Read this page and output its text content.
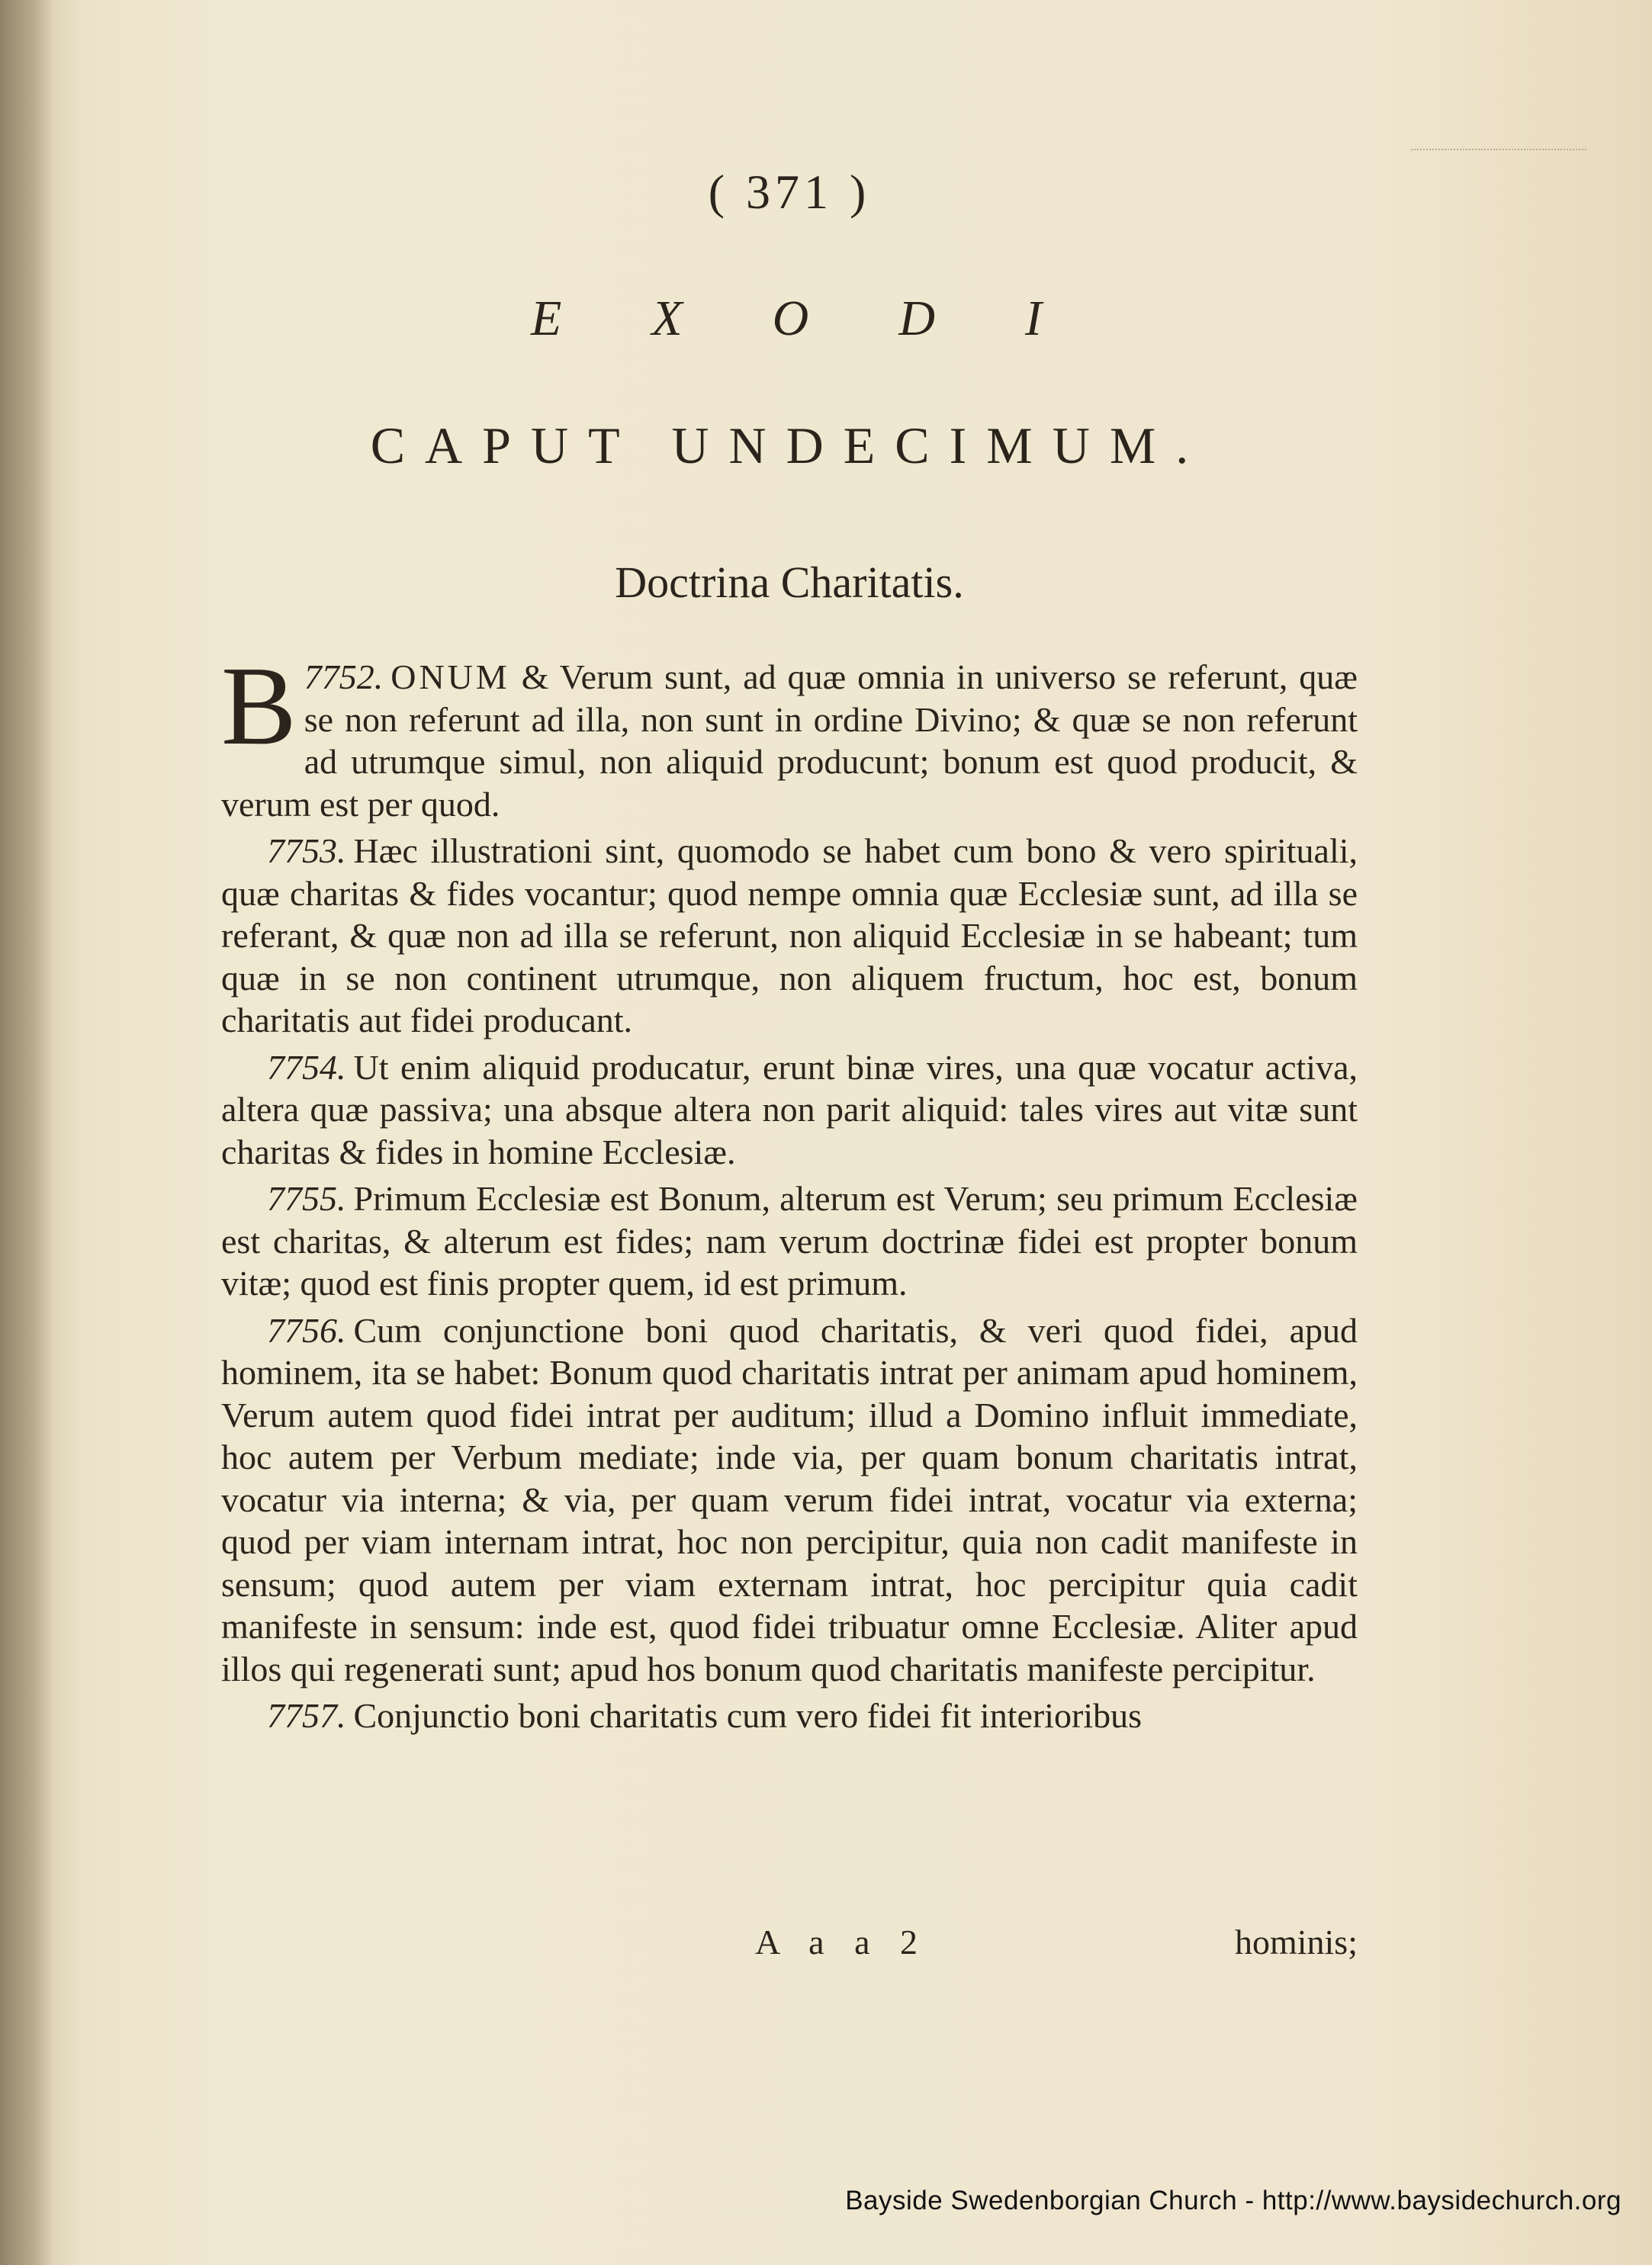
( 371 )
EXODI
CAPUT UNDECIMUM.
Doctrina Charitatis.

7752.
B	ONUM & Verum sunt, ad quæ omnia in universo se referunt, quæ se non referunt ad illa, non sunt in ordine Divino; & quæ se non referunt ad utrumque simul, non aliquid producunt; bonum est quod producit, & verum est per quod.

7753. Hæc illustrationi sint, quomodo se habet cum bono & vero spirituali, quæ charitas & fides vocantur; quod nempe omnia quæ Ecclesiæ sunt, ad illa se referant, & quæ non ad illa se referunt, non aliquid Ecclesiæ in se habeant; tum quæ in se non continent utrumque, non aliquem fructum, hoc est, bonum charitatis aut fidei producant.

7754. Ut enim aliquid producatur, erunt binæ vires, una quæ vocatur activa, altera quæ passiva; una absque altera non parit aliquid: tales vires aut vitæ sunt charitas & fides in homine Ecclesiæ.

7755. Primum Ecclesiæ est Bonum, alterum est Verum; seu primum Ecclesiæ est charitas, & alterum est fides; nam verum doctrinæ fidei est propter bonum vitæ; quod est finis propter quem, id est primum.

7756. Cum conjunctione boni quod charitatis, & veri quod fidei, apud hominem, ita se habet: Bonum quod charitatis intrat per animam apud hominem, Verum autem quod fidei intrat per auditum; illud a Domino influit immediate, hoc autem per Verbum mediate; inde via, per quam bonum charitatis intrat, vocatur via interna; & via, per quam verum fidei intrat, vocatur via externa; quod per viam internam intrat, hoc non percipitur, quia non cadit manifeste in sensum; quod autem per viam externam intrat, hoc percipitur quia cadit manifeste in sensum: inde est, quod fidei tribuatur omne Ecclesiæ. Aliter apud illos qui regenerati sunt; apud hos bonum quod charitatis manifeste percipitur.

7757. Conjunctio boni charitatis cum vero fidei fit interioribus

A a a 2	hominis;
Bayside Swedenborgian Church - http://www.baysidechurch.org
